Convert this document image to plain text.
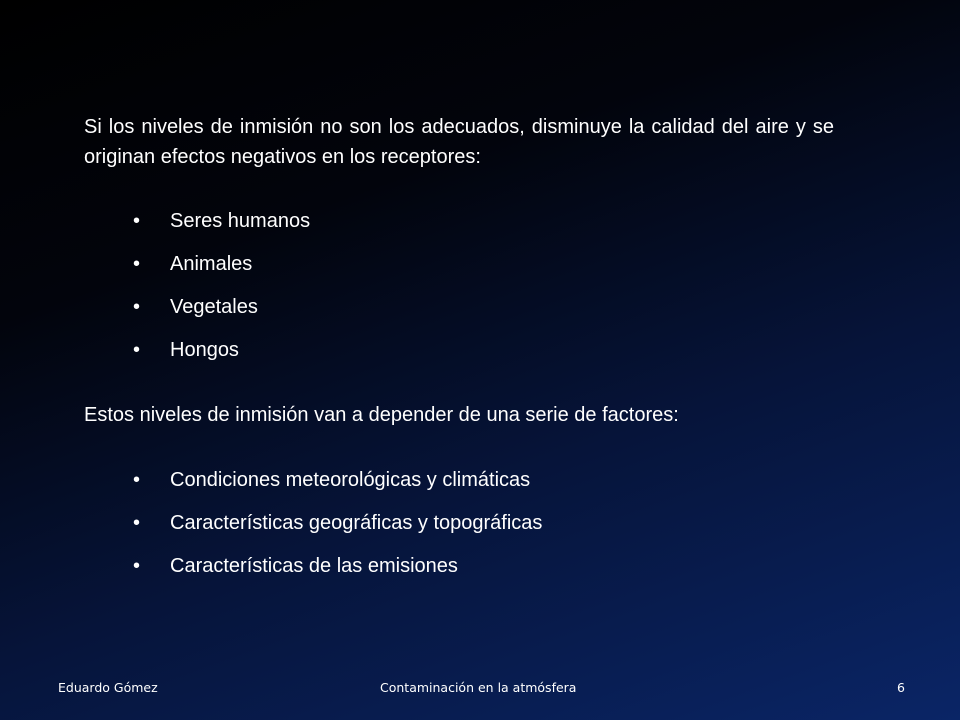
Si los niveles de inmisión no son los adecuados, disminuye la calidad del aire y se originan efectos negativos en los receptores:

•	Seres humanos
•	Animales
•	Vegetales
•	Hongos

Estos niveles de inmisión van a depender de una serie de factores:

•	Condiciones meteorológicas y climáticas
•	Características geográficas y topográficas
•	Características de las emisiones
Eduardo Gómez	Contaminación en la atmósfera	6
